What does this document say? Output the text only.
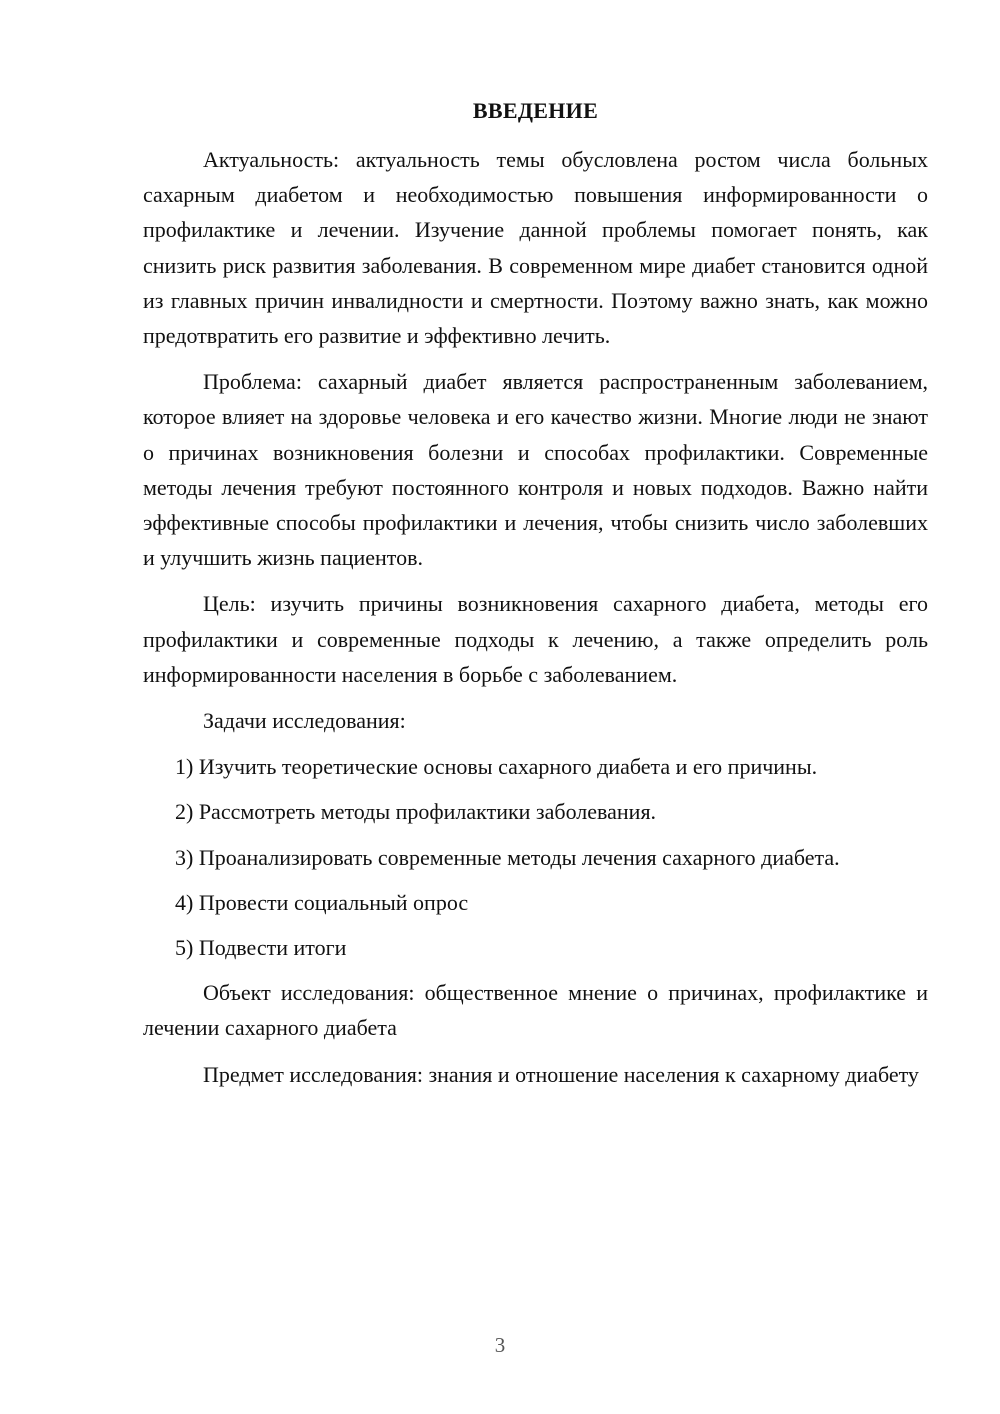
ВВЕДЕНИЕ

Актуальность: актуальность темы обусловлена ростом числа больных сахарным диабетом и необходимостью повышения информированности о профилактике и лечении. Изучение данной проблемы помогает понять, как снизить риск развития заболевания. В современном мире диабет становится одной из главных причин инвалидности и смертности. Поэтому важно знать, как можно предотвратить его развитие и эффективно лечить.

Проблема: сахарный диабет является распространенным заболеванием, которое влияет на здоровье человека и его качество жизни. Многие люди не знают о причинах возникновения болезни и способах профилактики. Современные методы лечения требуют постоянного контроля и новых подходов. Важно найти эффективные способы профилактики и лечения, чтобы снизить число заболевших и улучшить жизнь пациентов.

Цель: изучить причины возникновения сахарного диабета, методы его профилактики и современные подходы к лечению, а также определить роль информированности населения в борьбе с заболеванием.

Задачи исследования:

1) Изучить теоретические основы сахарного диабета и его причины.

2) Рассмотреть методы профилактики заболевания.

3) Проанализировать современные методы лечения сахарного диабета.

4) Провести социальный опрос

5) Подвести итоги

Объект исследования: общественное мнение о причинах, профилактике и лечении сахарного диабета

Предмет исследования: знания и отношение населения к сахарному диабету

3
